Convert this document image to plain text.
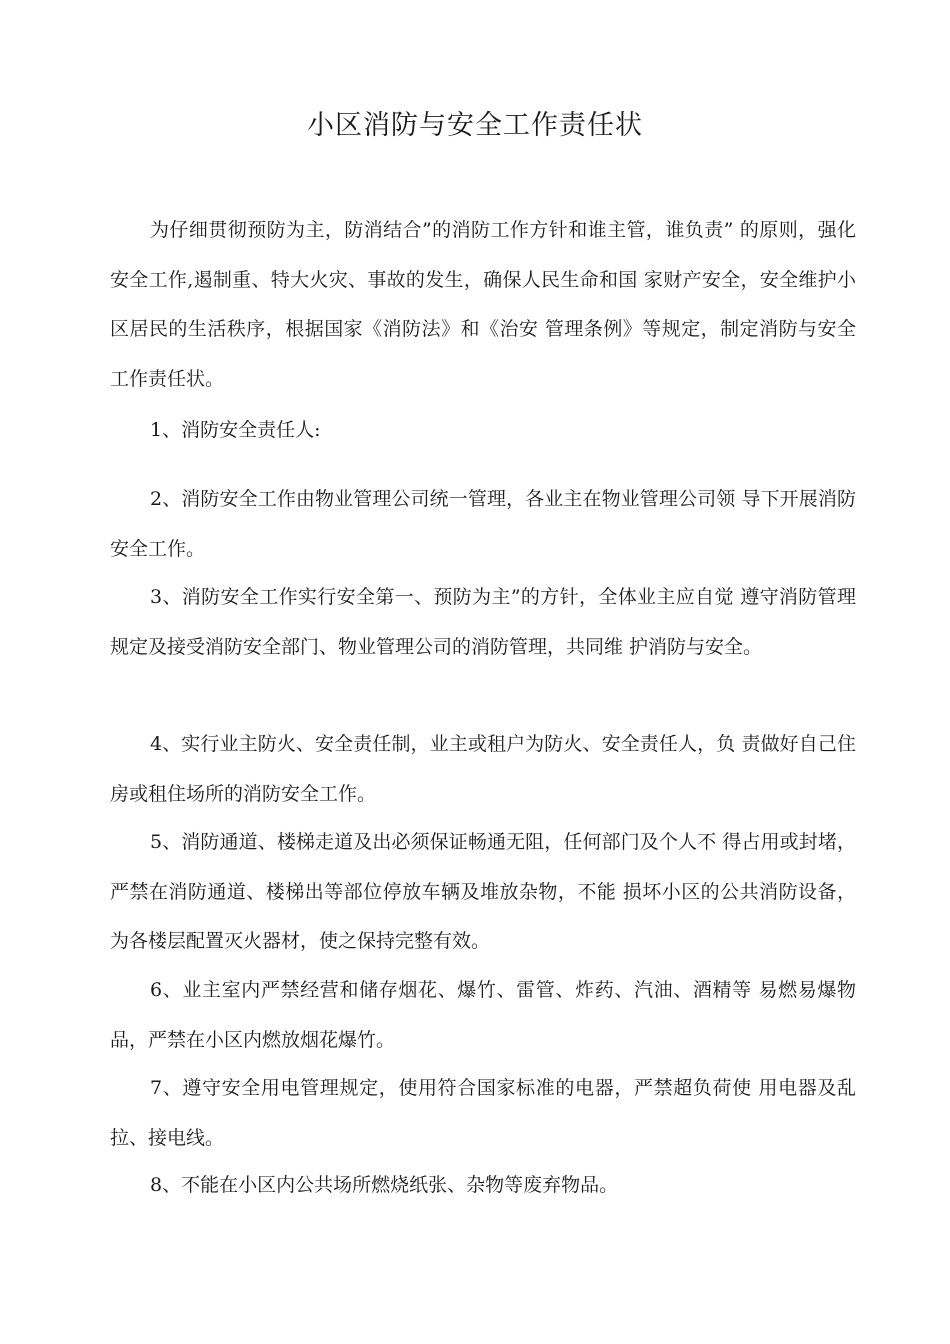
小区消防与安全工作责任状

为仔细贯彻预防为主，防消结合”的消防工作方针和谁主管，谁负责” 的原则，强化安全工作,遏制重、特大火灾、事故的发生，确保人民生命和国 家财产安全，安全维护小区居民的生活秩序，根据国家《消防法》和《治安 管理条例》等规定，制定消防与安全工作责任状。

1、消防安全责任人:

2、消防安全工作由物业管理公司统一管理，各业主在物业管理公司领 导下开展消防安全工作。

3、消防安全工作实行安全第一、预防为主”的方针，全体业主应自觉 遵守消防管理规定及接受消防安全部门、物业管理公司的消防管理，共同维 护消防与安全。

4、实行业主防火、安全责任制，业主或租户为防火、安全责任人，负 责做好自己住房或租住场所的消防安全工作。

5、消防通道、楼梯走道及出必须保证畅通无阻，任何部门及个人不 得占用或封堵，严禁在消防通道、楼梯出等部位停放车辆及堆放杂物，不能 损坏小区的公共消防设备，为各楼层配置灭火器材，使之保持完整有效。

6、业主室内严禁经营和储存烟花、爆竹、雷管、炸药、汽油、酒精等 易燃易爆物品，严禁在小区内燃放烟花爆竹。

7、遵守安全用电管理规定，使用符合国家标准的电器，严禁超负荷使 用电器及乱拉、接电线。

8、不能在小区内公共场所燃烧纸张、杂物等废弃物品。
